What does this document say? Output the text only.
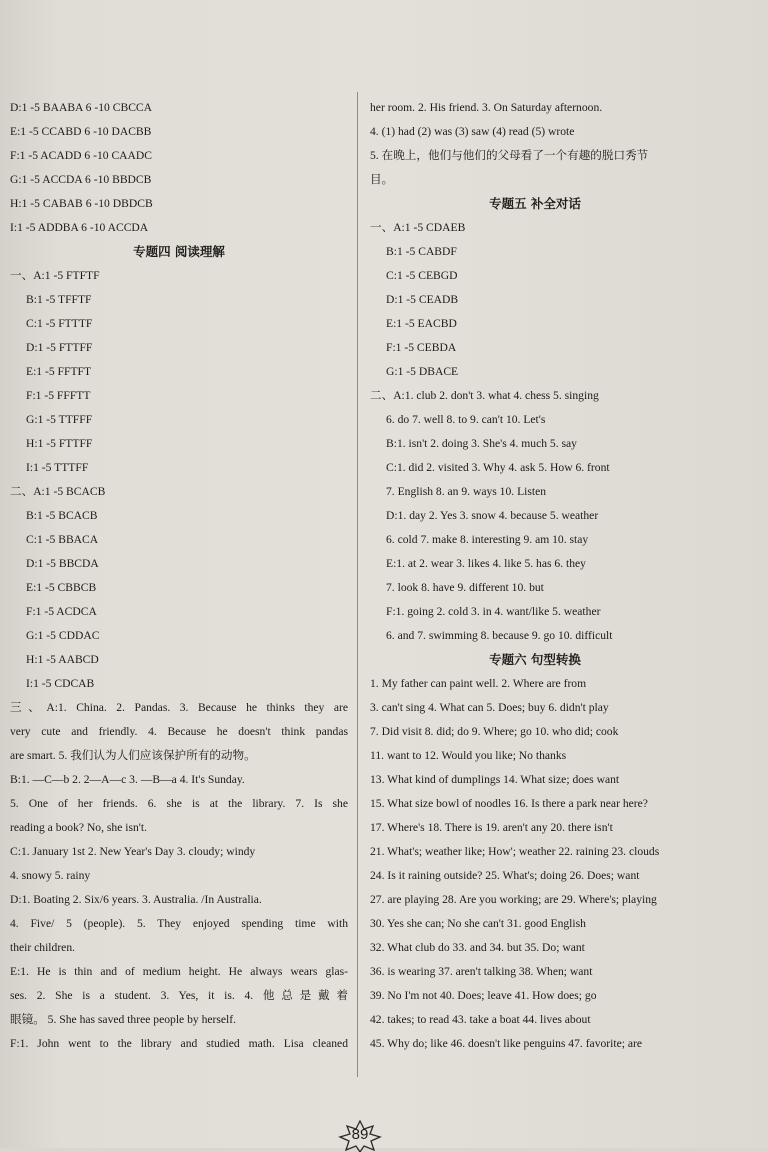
D:1 -5 BAABA 6 -10 CBCCA
E:1 -5 CCABD 6 -10 DACBB
F:1 -5 ACADD 6 -10 CAADC
G:1 -5 ACCDA 6 -10 BBDCB
H:1 -5 CABAB 6 -10 DBDCB
I:1 -5 ADDBA 6 -10 ACCDA
专题四 阅读理解
一、A:1 -5 FTFTF
B:1 -5 TFFTF
C:1 -5 FTTTF
D:1 -5 FTTFF
E:1 -5 FFTFT
F:1 -5 FFFTT
G:1 -5 TTFFF
H:1 -5 FTTFF
I:1 -5 TTTFF
二、A:1 -5 BCACB
B:1 -5 BCACB
C:1 -5 BBACA
D:1 -5 BBCDA
E:1 -5 CBBCB
F:1 -5 ACDCA
G:1 -5 CDDAC
H:1 -5 AABCD
I:1 -5 CDCAB
三、A:1. China. 2. Pandas. 3. Because he thinks they are
very cute and friendly. 4. Because he doesn't think pandas
are smart. 5. 我们认为人们应该保护所有的动物。
B:1. —C—b 2. 2—A—c 3. —B—a 4. It's Sunday.
5. One of her friends. 6. she is at the library. 7. Is she
reading a book? No, she isn't.
C:1. January 1st 2. New Year's Day 3. cloudy; windy
4. snowy 5. rainy
D:1. Boating 2. Six/6 years. 3. Australia. /In Australia.
4. Five/ 5 (people). 5. They enjoyed spending time with
their children.
E:1. He is thin and of medium height. He always wears glas-
ses. 2. She is a student. 3. Yes, it is. 4. 他总是戴着
眼镜。 5. She has saved three people by herself.
F:1. John went to the library and studied math. Lisa cleaned
her room. 2. His friend. 3. On Saturday afternoon.
4. (1) had (2) was (3) saw (4) read (5) wrote
5. 在晚上，他们与他们的父母看了一个有趣的脱口秀节
目。
专题五 补全对话
一、A:1 -5 CDAEB
B:1 -5 CABDF
C:1 -5 CEBGD
D:1 -5 CEADB
E:1 -5 EACBD
F:1 -5 CEBDA
G:1 -5 DBACE
二、A:1. club 2. don't 3. what 4. chess 5. singing
6. do 7. well 8. to 9. can't 10. Let's
B:1. isn't 2. doing 3. She's 4. much 5. say
C:1. did 2. visited 3. Why 4. ask 5. How 6. front
7. English 8. an 9. ways 10. Listen
D:1. day 2. Yes 3. snow 4. because 5. weather
6. cold 7. make 8. interesting 9. am 10. stay
E:1. at 2. wear 3. likes 4. like 5. has 6. they
7. look 8. have 9. different 10. but
F:1. going 2. cold 3. in 4. want/like 5. weather
6. and 7. swimming 8. because 9. go 10. difficult
专题六 句型转换
1. My father can paint well. 2. Where are from
3. can't sing 4. What can 5. Does; buy 6. didn't play
7. Did visit 8. did; do 9. Where; go 10. who did; cook
11. want to 12. Would you like; No thanks
13. What kind of dumplings 14. What size; does want
15. What size bowl of noodles 16. Is there a park near here?
17. Where's 18. There is 19. aren't any 20. there isn't
21. What's; weather like; How'; weather 22. raining 23. clouds
24. Is it raining outside? 25. What's; doing 26. Does; want
27. are playing 28. Are you working; are 29. Where's; playing
30. Yes she can; No she can't 31. good English
32. What club do 33. and 34. but 35. Do; want
36. is wearing 37. aren't talking 38. When; want
39. No I'm not 40. Does; leave 41. How does; go
42. takes; to read 43. take a boat 44. lives about
45. Why do; like 46. doesn't like penguins 47. favorite; are
89
